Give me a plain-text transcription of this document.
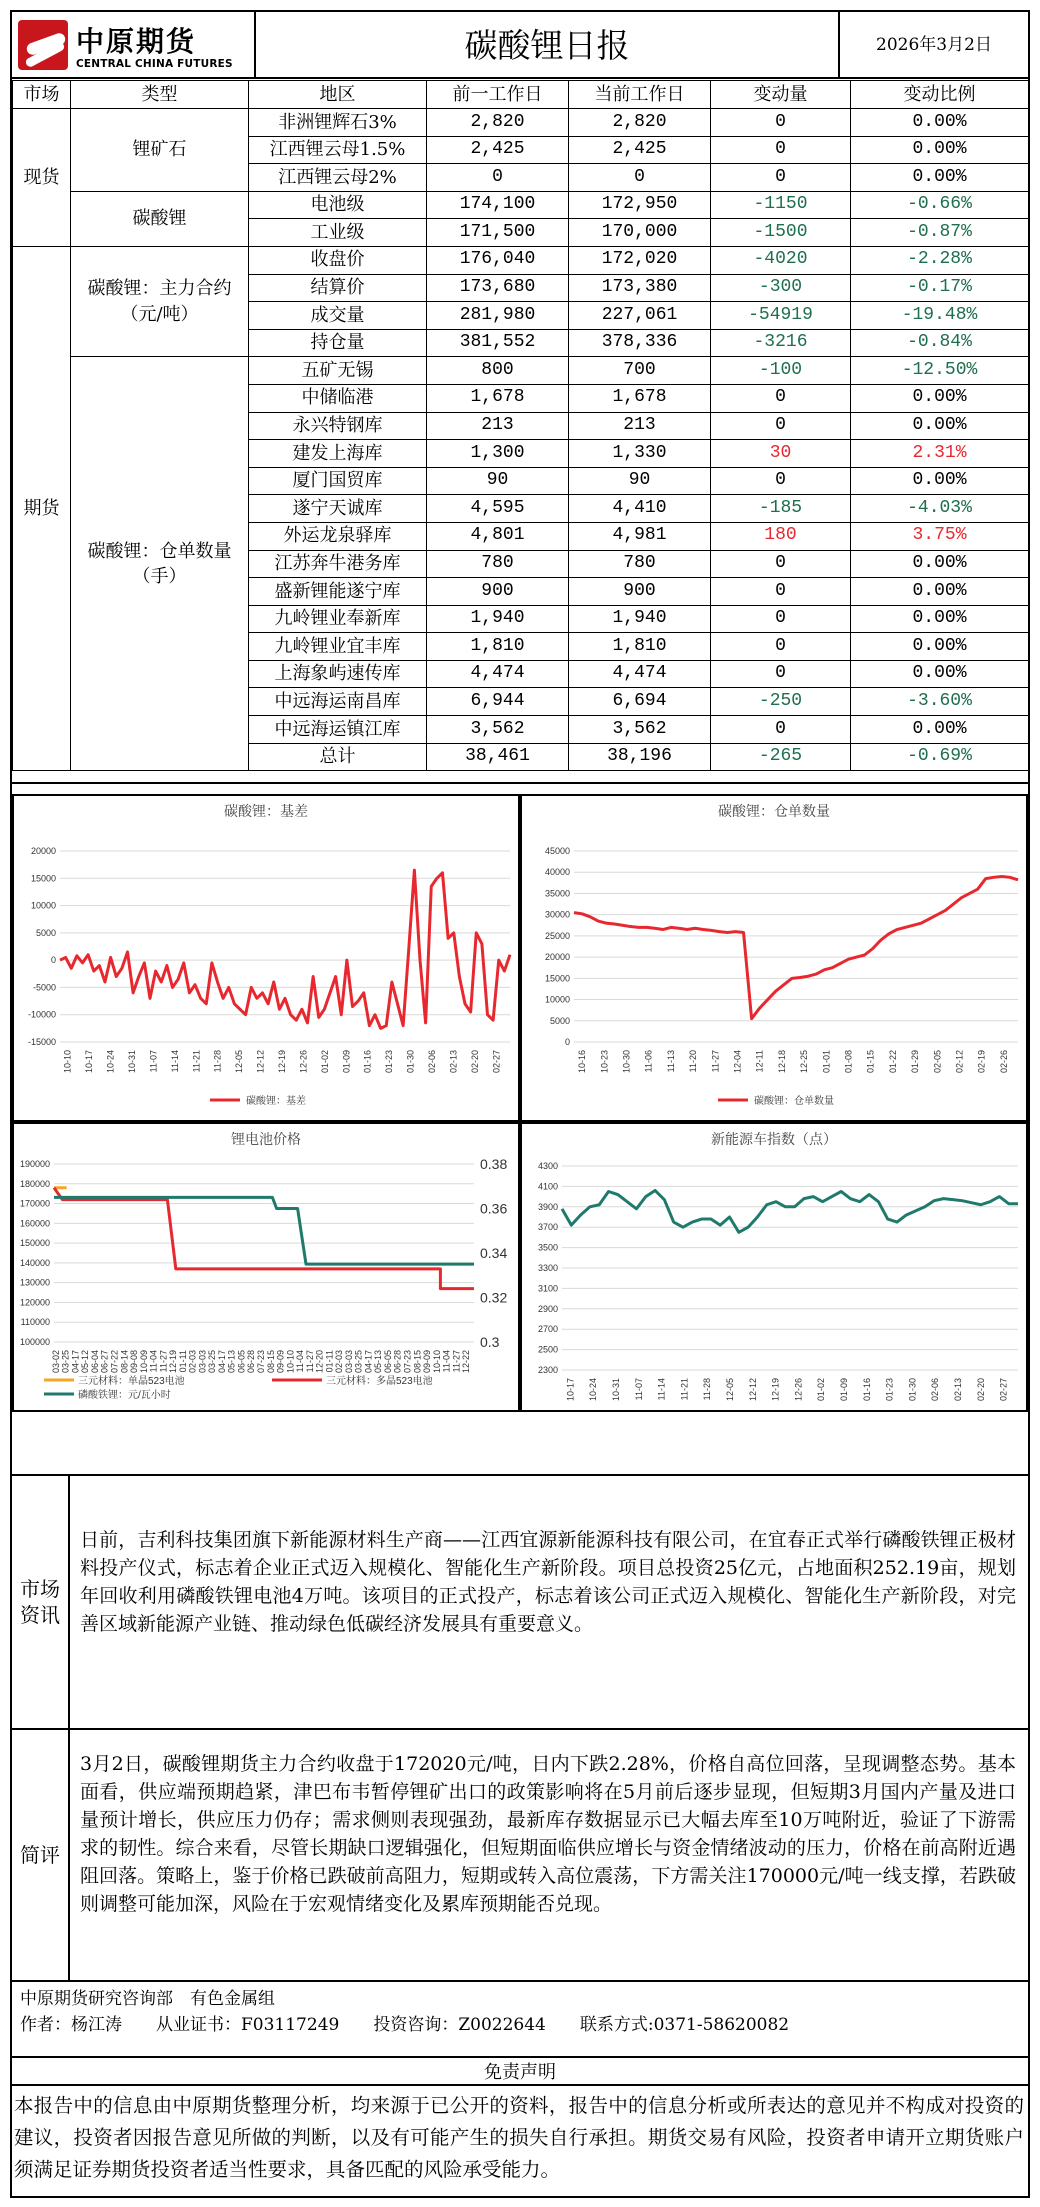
中原期货
CENTRAL CHINA FUTURES	碳酸锂日报	2026年3月2日
市场	类型	地区	前一工作日	当前工作日	变动量	变动比例
现货	锂矿石	非洲锂辉石3%	2,820	2,820	0	0.00%
		江西锂云母1.5%	2,425	2,425	0	0.00%
		江西锂云母2%	0	0	0	0.00%
	碳酸锂	电池级	174,100	172,950	-1150	-0.66%
		工业级	171,500	170,000	-1500	-0.87%
期货	碳酸锂：主力合约（元/吨）	收盘价	176,040	172,020	-4020	-2.28%
		结算价	173,680	173,380	-300	-0.17%
		成交量	281,980	227,061	-54919	-19.48%
		持仓量	381,552	378,336	-3216	-0.84%
	碳酸锂：仓单数量（手）	五矿无锡	800	700	-100	-12.50%
		中储临港	1,678	1,678	0	0.00%
		永兴特钢库	213	213	0	0.00%
		建发上海库	1,300	1,330	30	2.31%
		厦门国贸库	90	90	0	0.00%
		遂宁天诚库	4,595	4,410	-185	-4.03%
		外运龙泉驿库	4,801	4,981	180	3.75%
		江苏奔牛港务库	780	780	0	0.00%
		盛新锂能遂宁库	900	900	0	0.00%
		九岭锂业奉新库	1,940	1,940	0	0.00%
		九岭锂业宜丰库	1,810	1,810	0	0.00%
		上海象屿速传库	4,474	4,474	0	0.00%
		中远海运南昌库	6,944	6,694	-250	-3.60%
		中远海运镇江库	3,562	3,562	0	0.00%
		总计	38,461	38,196	-265	-0.69%
碳酸锂：基差
20000
15000
10000
5000
0
-5000
-10000
-15000
10-10 10-17 10-24 10-31 11-07 11-14 11-21 11-28 12-05 12-12 12-19 12-26 01-02 01-09 01-16 01-23 01-30 02-06 02-13 02-20 02-27
碳酸锂：基差
碳酸锂：仓单数量
45000
40000
35000
30000
25000
20000
15000
10000
5000
0
10-16 10-23 10-30 11-06 11-13 11-20 11-27 12-04 12-11 12-18 12-25 01-01 01-08 01-15 01-22 01-29 02-05 02-12 02-19 02-26
碳酸锂：仓单数量
锂电池价格
190000
180000
170000
160000
150000
140000
130000
120000
110000
100000
0.38
0.36
0.34
0.32
0.3
03-02 03-25 04-17 05-12 06-04 06-27 07-22 08-14 09-08 10-09 11-04 11-27 12-19 01-11 02-03 03-03 03-25 04-17 05-13 06-05 06-28 07-23 08-15 09-09 10-10 11-04 11-27 12-20 01-11 02-03 03-03 03-25 04-17 05-13 06-05 06-28 07-23 08-15 09-09 10-10 11-04 11-27 12-22
三元材料：单晶523电池	三元材料：多晶523电池
磷酸铁锂：元/瓦小时
新能源车指数（点）
4300
4100
3900
3700
3500
3300
3100
2900
2700
2500
2300
10-17 10-24 10-31 11-07 11-14 11-21 11-28 12-05 12-12 12-19 12-26 01-02 01-09 01-16 01-23 01-30 02-06 02-13 02-20 02-27
市场资讯
日前，吉利科技集团旗下新能源材料生产商——江西宜源新能源科技有限公司，在宜春正式举行磷酸铁锂正极材料投产仪式，标志着企业正式迈入规模化、智能化生产新阶段。项目总投资25亿元，占地面积252.19亩，规划年回收利用磷酸铁锂电池4万吨。该项目的正式投产，标志着该公司正式迈入规模化、智能化生产新阶段，对完善区域新能源产业链、推动绿色低碳经济发展具有重要意义。
简评
3月2日，碳酸锂期货主力合约收盘于172020元/吨，日内下跌2.28%，价格自高位回落，呈现调整态势。基本面看，供应端预期趋紧，津巴布韦暂停锂矿出口的政策影响将在5月前后逐步显现，但短期3月国内产量及进口量预计增长，供应压力仍存；需求侧则表现强劲，最新库存数据显示已大幅去库至10万吨附近，验证了下游需求的韧性。综合来看，尽管长期缺口逻辑强化，但短期面临供应增长与资金情绪波动的压力，价格在前高附近遇阻回落。策略上，鉴于价格已跌破前高阻力，短期或转入高位震荡，下方需关注170000元/吨一线支撑，若跌破则调整可能加深，风险在于宏观情绪变化及累库预期能否兑现。
中原期货研究咨询部　有色金属组
作者：杨江涛　　从业证书：F03117249　　投资咨询：Z0022644　　联系方式:0371-58620082
免责声明
本报告中的信息由中原期货整理分析，均来源于已公开的资料，报告中的信息分析或所表达的意见并不构成对投资的建议，投资者因报告意见所做的判断，以及有可能产生的损失自行承担。期货交易有风险，投资者申请开立期货账户须满足证券期货投资者适当性要求，具备匹配的风险承受能力。
